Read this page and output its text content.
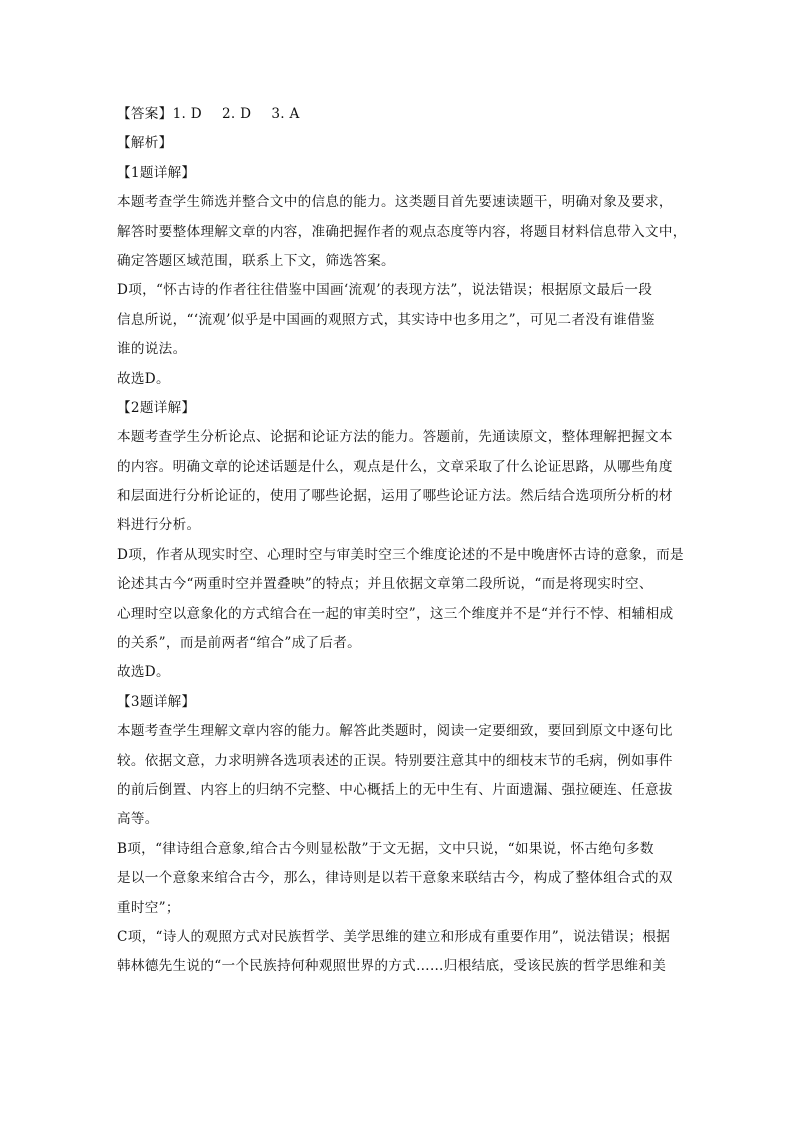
【答案】1. D 2. D 3. A
【解析】
【1题详解】
本题考查学生筛选并整合文中的信息的能力。这类题目首先要速读题干，明确对象及要求，
解答时要整体理解文章的内容，准确把握作者的观点态度等内容，将题目材料信息带入文中，
确定答题区域范围，联系上下文，筛选答案。
D项，“怀古诗的作者往往借鉴中国画‘流观’的表现方法”，说法错误；根据原文最后一段
信息所说，“‘流观’似乎是中国画的观照方式，其实诗中也多用之”，可见二者没有谁借鉴
谁的说法。
故选D。
【2题详解】
本题考查学生分析论点、论据和论证方法的能力。答题前，先通读原文，整体理解把握文本
的内容。明确文章的论述话题是什么，观点是什么，文章采取了什么论证思路，从哪些角度
和层面进行分析论证的，使用了哪些论据，运用了哪些论证方法。然后结合选项所分析的材
料进行分析。
D项，作者从现实时空、心理时空与审美时空三个维度论述的不是中晚唐怀古诗的意象，而是
论述其古今“两重时空并置叠映”的特点；并且依据文章第二段所说，“而是将现实时空、
心理时空以意象化的方式绾合在一起的审美时空”，这三个维度并不是“并行不悖、相辅相成
的关系”，而是前两者“绾合”成了后者。
故选D。
【3题详解】
本题考查学生理解文章内容的能力。解答此类题时，阅读一定要细致，要回到原文中逐句比
较。依据文意，力求明辨各选项表述的正误。特别要注意其中的细枝末节的毛病，例如事件
的前后倒置、内容上的归纳不完整、中心概括上的无中生有、片面遗漏、强拉硬连、任意拔
高等。
B项，“律诗组合意象,绾合古今则显松散”于文无据，文中只说，“如果说，怀古绝句多数
是以一个意象来绾合古今，那么，律诗则是以若干意象来联结古今，构成了整体组合式的双
重时空”；
C项，“诗人的观照方式对民族哲学、美学思维的建立和形成有重要作用”，说法错误；根据
韩林德先生说的“一个民族持何种观照世界的方式……归根结底，受该民族的哲学思维和美
